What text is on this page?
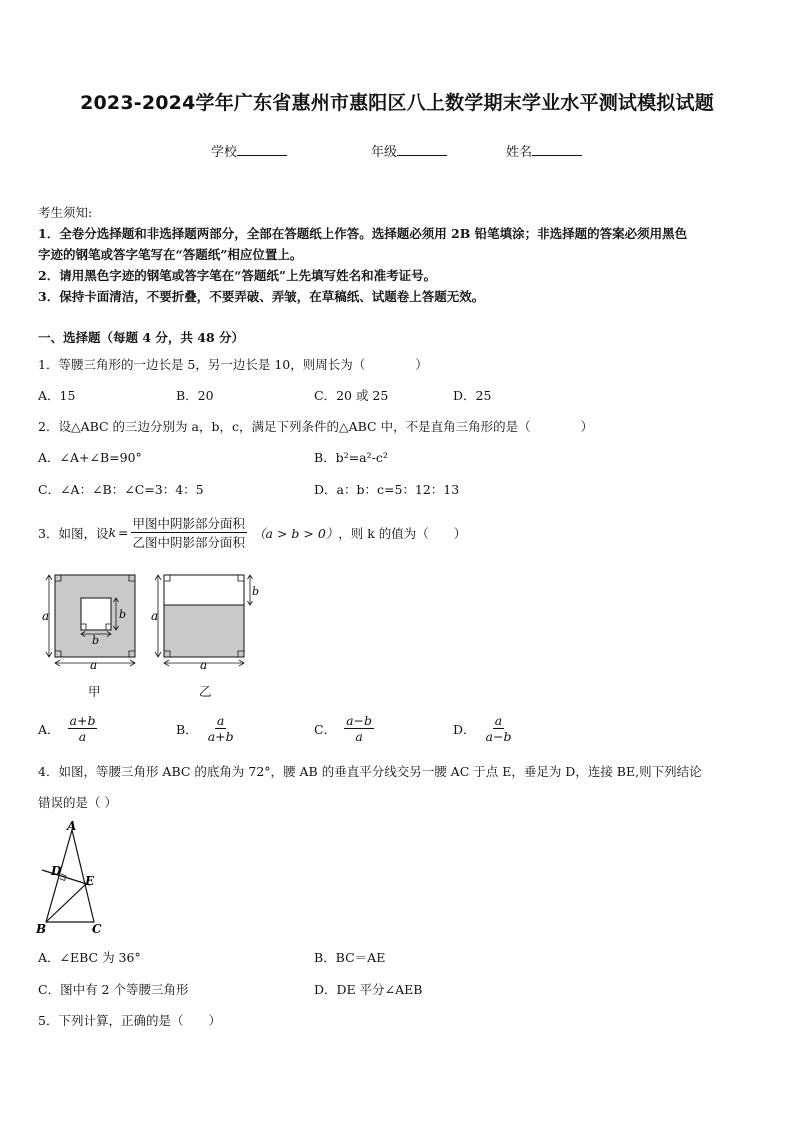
2023-2024学年广东省惠州市惠阳区八上数学期末学业水平测试模拟试题
学校	年级	姓名
考生须知:
1．全卷分选择题和非选择题两部分，全部在答题纸上作答。选择题必须用 2B 铅笔填涂；非选择题的答案必须用黑色
字迹的钢笔或答字笔写在“答题纸”相应位置上。
2．请用黑色字迹的钢笔或答字笔在“答题纸”上先填写姓名和准考证号。
3．保持卡面清洁，不要折叠，不要弄破、弄皱，在草稿纸、试题卷上答题无效。
一、选择题（每题 4 分，共 48 分）
1．等腰三角形的一边长是 5，另一边长是 10，则周长为（　　　　）
A．15	B．20	C．20 或 25	D．25
2．设△ABC 的三边分别为 a，b，c，满足下列条件的△ABC 中，不是直角三角形的是（　　　　）
A．∠A+∠B=90°	B．b²=a²-c²
C．∠A：∠B：∠C=3：4：5	D．a：b：c=5：12：13
3．如图，设 $k = \frac{\text{甲图中阴影部分面积}}{\text{乙图中阴影部分面积}} (a > b > 0)$ ，则 k 的值为（　　）
a
a
b
b
a
a
b
甲	乙
A． $\frac{a+b}{a}$	B． $\frac{a}{a+b}$	C． $\frac{a-b}{a}$	D． $\frac{a}{a-b}$
4．如图，等腰三角形 ABC 的底角为 72°，腰 AB 的垂直平分线交另一腰 AC 于点 E，垂足为 D，连接 BE,则下列结论
错误的是（ ）
A
D
E
B	C
A．∠EBC 为 36°	B．BC＝AE
C．图中有 2 个等腰三角形	D．DE 平分∠AEB
5．下列计算，正确的是（　　）
